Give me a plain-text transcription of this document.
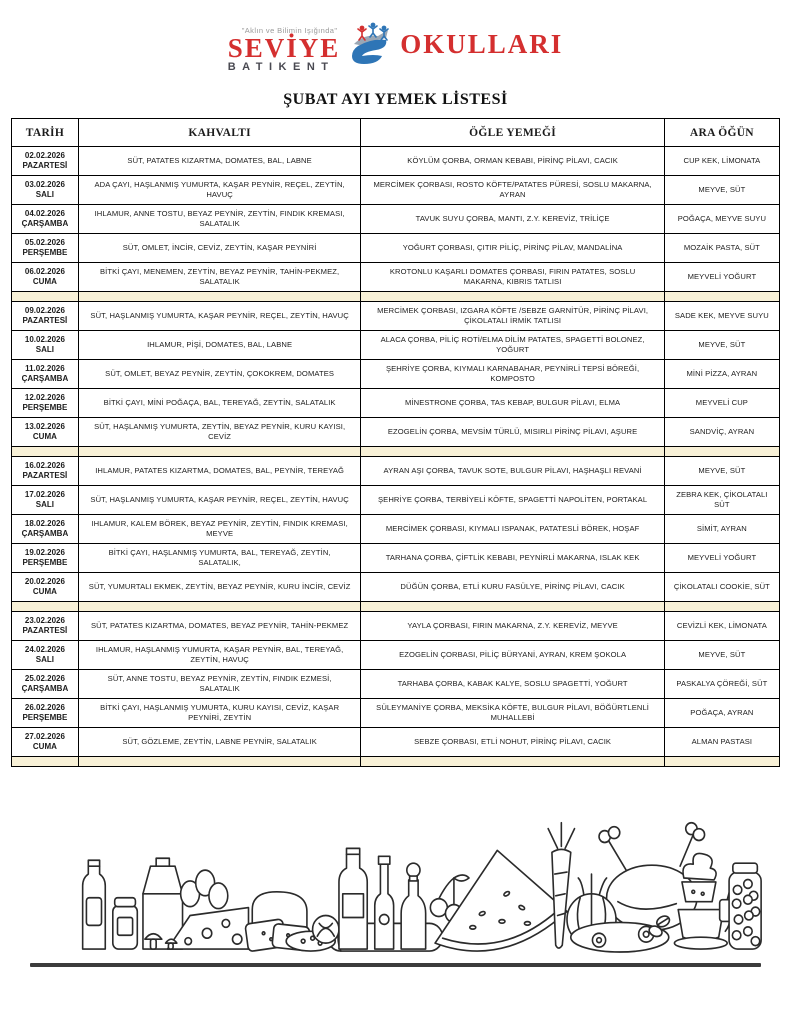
"Aklın ve Bilimin Işığında"
SEVİYE
BATIKENT
OKULLARI
ŞUBAT AYI YEMEK LİSTESİ
TARİH	KAHVALTI	ÖĞLE YEMEĞİ	ARA ÖĞÜN

02.02.2026
PAZARTESİ	SÜT, PATATES KIZARTMA, DOMATES, BAL, LABNE	KÖYLÜM ÇORBA, ORMAN KEBABI, PİRİNÇ PİLAVI, CACIK	CUP KEK, LİMONATA

03.02.2026
SALI	ADA ÇAYI, HAŞLANMIŞ YUMURTA, KAŞAR PEYNİR, REÇEL, ZEYTİN, HAVUÇ	MERCİMEK ÇORBASI, ROSTO KÖFTE/PATATES PÜRESİ, SOSLU MAKARNA, AYRAN	MEYVE, SÜT

04.02.2026
ÇARŞAMBA	IHLAMUR, ANNE TOSTU, BEYAZ PEYNİR, ZEYTİN, FINDIK KREMASI, SALATALIK	TAVUK SUYU ÇORBA, MANTI, Z.Y. KEREVİZ, TRİLİÇE	POĞAÇA, MEYVE SUYU

05.02.2026
PERŞEMBE	SÜT, OMLET, İNCİR, CEVİZ, ZEYTİN, KAŞAR PEYNİRİ	YOĞURT ÇORBASI, ÇITIR PİLİÇ, PİRİNÇ PİLAV, MANDALİNA	MOZAİK PASTA, SÜT

06.02.2026
CUMA	BİTKİ ÇAYI, MENEMEN, ZEYTİN, BEYAZ PEYNİR, TAHİN-PEKMEZ, SALATALIK	KROTONLU KAŞARLI DOMATES ÇORBASI, FIRIN PATATES, SOSLU MAKARNA, KIBRIS TATLISI	MEYVELİ YOĞURT

09.02.2026
PAZARTESİ	SÜT, HAŞLANMIŞ YUMURTA, KAŞAR PEYNİR, REÇEL, ZEYTİN, HAVUÇ	MERCİMEK ÇORBASI, IZGARA KÖFTE /SEBZE GARNİTÜR, PİRİNÇ PİLAVI, ÇİKOLATALI İRMİK TATLISI	SADE KEK, MEYVE SUYU

10.02.2026
SALI	IHLAMUR, PİŞİ, DOMATES, BAL, LABNE	ALACA ÇORBA, PİLİÇ ROTİ/ELMA DİLİM PATATES, SPAGETTİ BOLONEZ, YOĞURT	MEYVE, SÜT

11.02.2026
ÇARŞAMBA	SÜT, OMLET, BEYAZ PEYNİR, ZEYTİN, ÇOKOKREM, DOMATES	ŞEHRİYE ÇORBA, KIYMALI KARNABAHAR, PEYNİRLİ TEPSİ BÖREĞİ, KOMPOSTO	MİNİ PİZZA, AYRAN

12.02.2026
PERŞEMBE	BİTKİ ÇAYI, MİNİ POĞAÇA, BAL, TEREYAĞ, ZEYTİN, SALATALIK	MİNESTRONE ÇORBA, TAS KEBAP, BULGUR PİLAVI, ELMA	MEYVELİ CUP

13.02.2026
CUMA	SÜT, HAŞLANMIŞ YUMURTA, ZEYTİN, BEYAZ PEYNİR, KURU KAYISI, CEVİZ	EZOGELİN ÇORBA, MEVSİM TÜRLÜ, MISIRLI PİRİNÇ PİLAVI, AŞURE	SANDVİÇ, AYRAN

16.02.2026
PAZARTESİ	IHLAMUR, PATATES KIZARTMA, DOMATES, BAL, PEYNİR, TEREYAĞ	AYRAN AŞI ÇORBA, TAVUK SOTE, BULGUR PİLAVI, HAŞHAŞLI REVANİ	MEYVE, SÜT

17.02.2026
SALI	SÜT, HAŞLANMIŞ YUMURTA, KAŞAR PEYNİR, REÇEL, ZEYTİN, HAVUÇ	ŞEHRİYE ÇORBA, TERBİYELİ KÖFTE, SPAGETTİ NAPOLİTEN, PORTAKAL	ZEBRA KEK, ÇİKOLATALI SÜT

18.02.2026
ÇARŞAMBA	IHLAMUR, KALEM BÖREK, BEYAZ PEYNİR, ZEYTİN, FINDIK KREMASI, MEYVE	MERCİMEK ÇORBASI, KIYMALI ISPANAK, PATATESLİ BÖREK, HOŞAF	SİMİT, AYRAN

19.02.2026
PERŞEMBE	BİTKİ ÇAYI, HAŞLANMIŞ YUMURTA, BAL, TEREYAĞ, ZEYTİN, SALATALIK,	TARHANA ÇORBA, ÇİFTLİK KEBABI, PEYNİRLİ MAKARNA, ISLAK KEK	MEYVELİ YOĞURT

20.02.2026
CUMA	SÜT, YUMURTALI EKMEK, ZEYTİN, BEYAZ PEYNİR, KURU İNCİR, CEVİZ	DÜĞÜN ÇORBA, ETLİ KURU FASÜLYE, PİRİNÇ PİLAVI, CACIK	ÇİKOLATALI COOKİE, SÜT

23.02.2026
PAZARTESİ	SÜT, PATATES KIZARTMA, DOMATES, BEYAZ PEYNİR, TAHİN-PEKMEZ	YAYLA ÇORBASI, FIRIN MAKARNA, Z.Y. KEREVİZ, MEYVE	CEVİZLİ KEK, LİMONATA

24.02.2026
SALI	IHLAMUR, HAŞLANMIŞ YUMURTA, KAŞAR PEYNİR, BAL, TEREYAĞ, ZEYTİN, HAVUÇ	EZOGELİN ÇORBASI, PİLİÇ BÜRYANİ, AYRAN, KREM ŞOKOLA	MEYVE, SÜT

25.02.2026
ÇARŞAMBA	SÜT, ANNE TOSTU, BEYAZ PEYNİR, ZEYTİN, FINDIK EZMESİ, SALATALIK	TARHABA ÇORBA, KABAK KALYE, SOSLU SPAGETTİ, YOĞURT	PASKALYA ÇÖREĞİ, SÜT

26.02.2026
PERŞEMBE	BİTKİ ÇAYI, HAŞLANMIŞ YUMURTA, KURU KAYISI, CEVİZ, KAŞAR PEYNİRİ, ZEYTİN	SÜLEYMANİYE ÇORBA, MEKSİKA KÖFTE, BULGUR PİLAVI, BÖĞÜRTLENLİ MUHALLEBİ	POĞAÇA, AYRAN

27.02.2026
CUMA	SÜT, GÖZLEME, ZEYTİN, LABNE PEYNİR, SALATALIK	SEBZE ÇORBASI, ETLİ NOHUT, PİRİNÇ PİLAVI, CACIK	ALMAN PASTASI
